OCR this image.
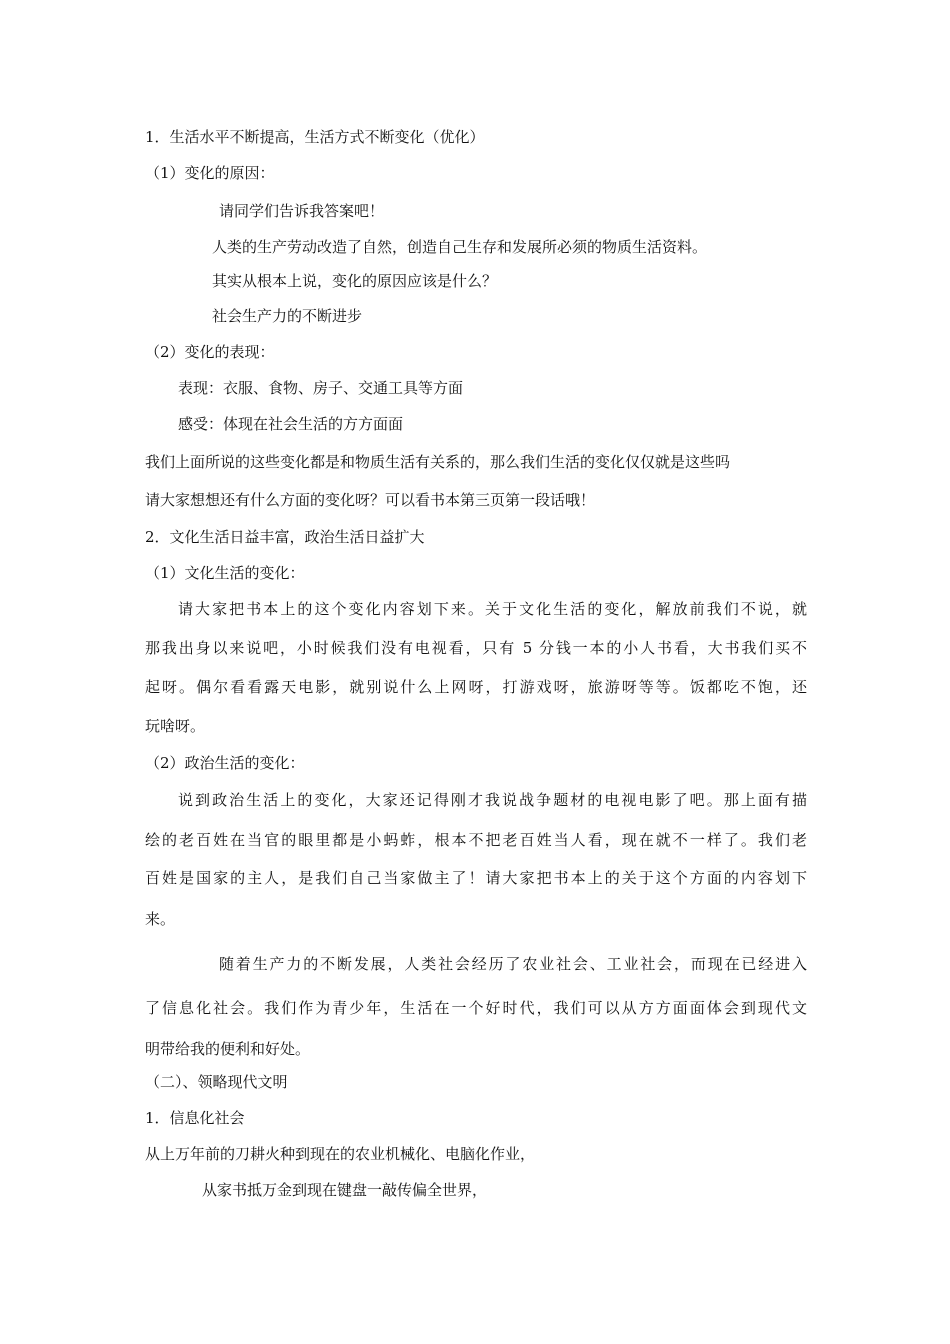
1．生活水平不断提高，生活方式不断变化（优化）
（1）变化的原因：
请同学们告诉我答案吧！
人类的生产劳动改造了自然，创造自己生存和发展所必须的物质生活资料。
其实从根本上说，变化的原因应该是什么？
社会生产力的不断进步
（2）变化的表现：
表现：衣服、食物、房子、交通工具等方面
感受：体现在社会生活的方方面面
我们上面所说的这些变化都是和物质生活有关系的，那么我们生活的变化仅仅就是这些吗
请大家想想还有什么方面的变化呀？可以看书本第三页第一段话哦！
2．文化生活日益丰富，政治生活日益扩大
（1）文化生活的变化：
请大家把书本上的这个变化内容划下来。关于文化生活的变化，解放前我们不说，就
那我出身以来说吧，小时候我们没有电视看，只有 5 分钱一本的小人书看，大书我们买不
起呀。偶尔看看露天电影，就别说什么上网呀，打游戏呀，旅游呀等等。饭都吃不饱，还
玩啥呀。
（2）政治生活的变化：
说到政治生活上的变化，大家还记得刚才我说战争题材的电视电影了吧。那上面有描
绘的老百姓在当官的眼里都是小蚂蚱，根本不把老百姓当人看，现在就不一样了。我们老
百姓是国家的主人，是我们自己当家做主了！请大家把书本上的关于这个方面的内容划下
来。
随着生产力的不断发展，人类社会经历了农业社会、工业社会，而现在已经进入
了信息化社会。我们作为青少年，生活在一个好时代，我们可以从方方面面体会到现代文
明带给我的便利和好处。
（二）、领略现代文明
1．信息化社会
从上万年前的刀耕火种到现在的农业机械化、电脑化作业，
从家书抵万金到现在键盘一敲传偏全世界，
